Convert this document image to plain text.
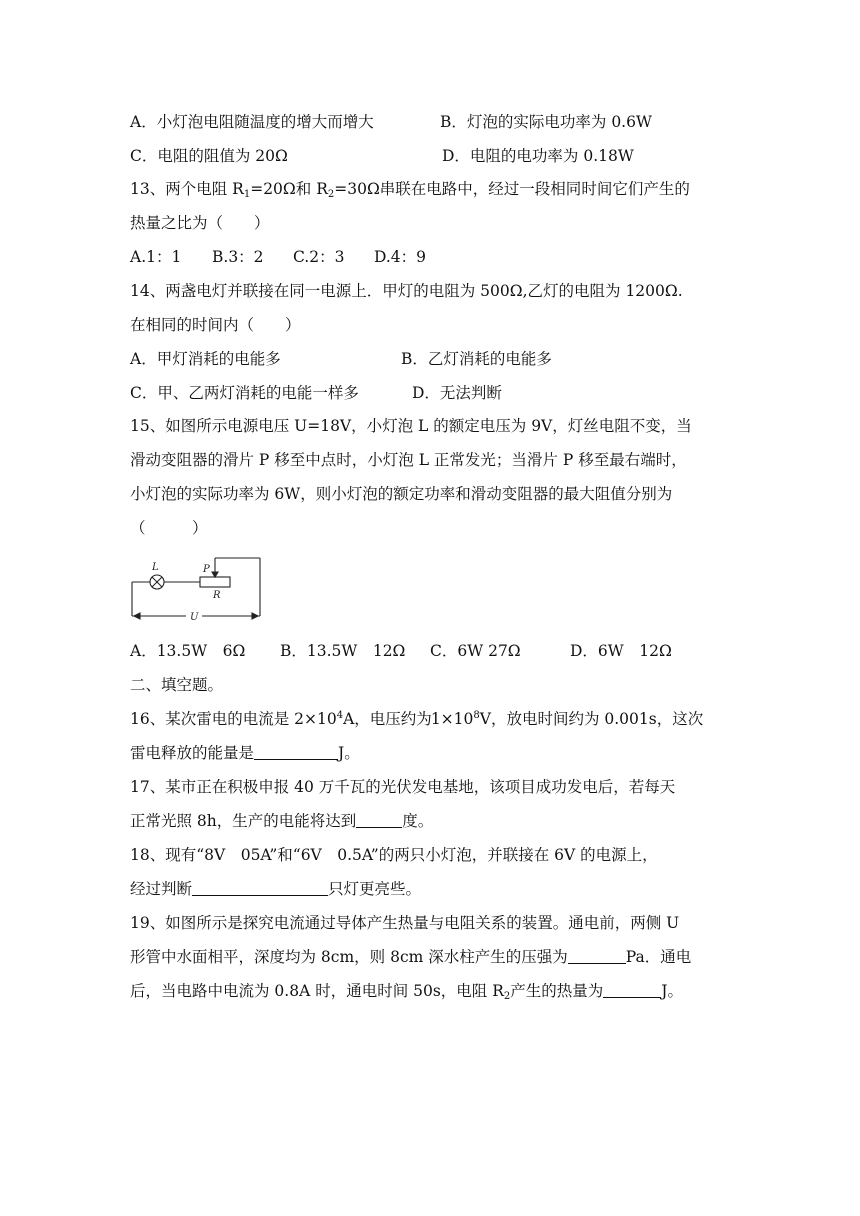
A．小灯泡电阻随温度的增大而增大	B．灯泡的实际电功率为 0.6W
C．电阻的阻值为 20Ω	D．电阻的电功率为 0.18W
13、两个电阻 $R_1=20\Omega$和 $R_2=30\Omega$串联在电路中，经过一段相同时间它们产生的
热量之比为（　　）
A.1：1 B.3：2 C.2：3 D.4：9
14、两盏电灯并联接在同一电源上．甲灯的电阻为 500Ω,乙灯的电阻为 1200Ω.
在相同的时间内（　　）
A．甲灯消耗的电能多	B．乙灯消耗的电能多
C．甲、乙两灯消耗的电能一样多	D．无法判断
15、如图所示电源电压 U=18V，小灯泡 L 的额定电压为 9V，灯丝电阻不变，当
滑动变阻器的滑片 P 移至中点时，小灯泡 L 正常发光；当滑片 P 移至最右端时，
小灯泡的实际功率为 6W，则小灯泡的额定功率和滑动变阻器的最大阻值分别为
（　　　）
L	P
R
U
A．13.5W　6Ω B．13.5W　12Ω C．6W 27Ω	D．6W　12Ω
二、填空题。
16、某次雷电的电流是 $2\times 10^4A$，电压约为$1\times 10^8V$，放电时间约为 0.001s，这次
雷电释放的能量是	J。
17、某市正在积极申报 40 万千瓦的光伏发电基地，该项目成功发电后，若每天
正常光照 8h，生产的电能将达到	度。
18、现有“8V　05A”和“6V　0.5A”的两只小灯泡，并联接在 6V 的电源上，
经过判断	只灯更亮些。
19、如图所示是探究电流通过导体产生热量与电阻关系的装置。通电前，两侧 U
形管中水面相平，深度均为 8cm，则 8cm 深水柱产生的压强为	Pa．通电
后，当电路中电流为 0.8A 时，通电时间 50s，电阻 $R_2$产生的热量为	J。
